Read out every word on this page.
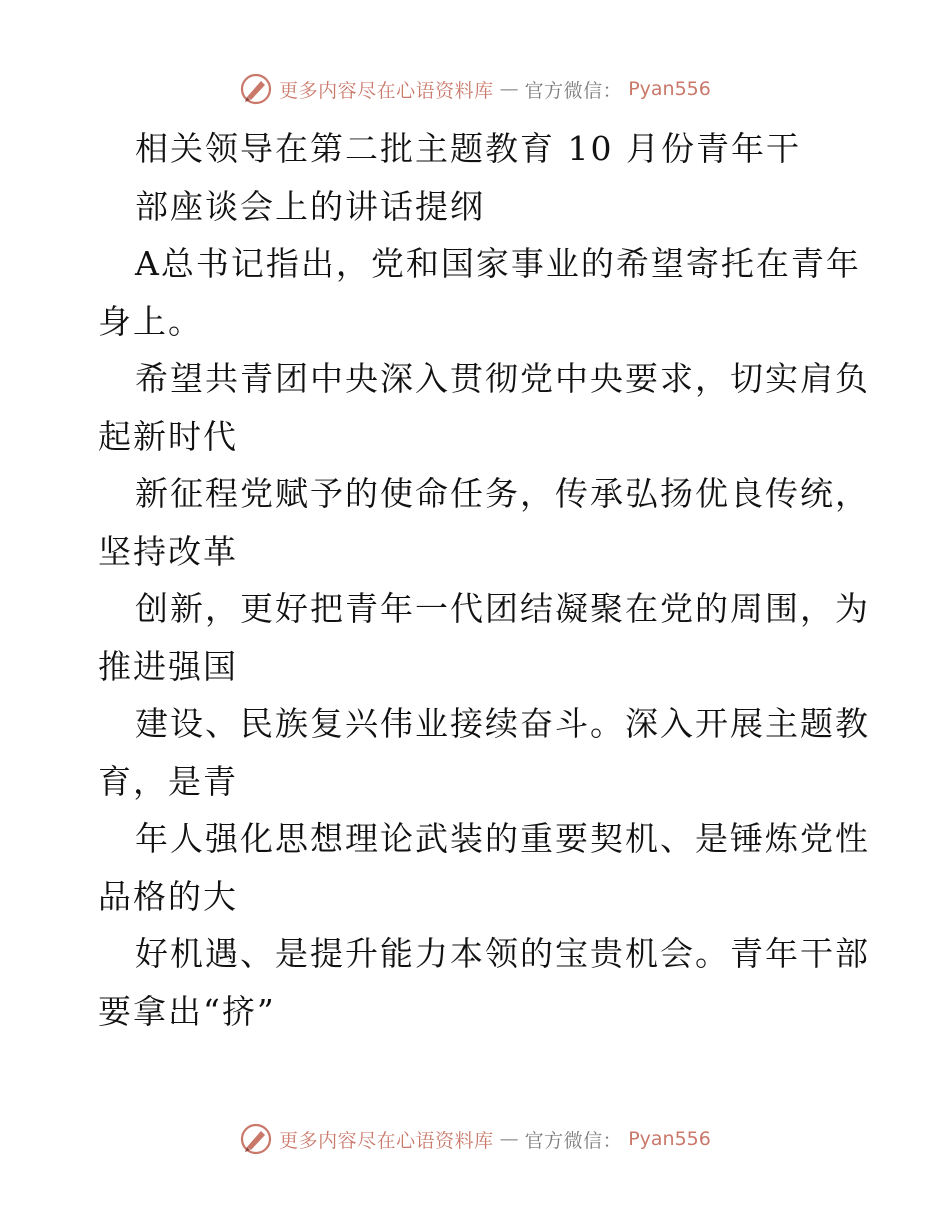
更多内容尽在心语资料库 — 官方微信： Pyan556
相关领导在第二批主题教育 10 月份青年干
部座谈会上的讲话提纲
A总书记指出，党和国家事业的希望寄托在青年
身上。
希望共青团中央深入贯彻党中央要求，切实肩负
起新时代
新征程党赋予的使命任务，传承弘扬优良传统，
坚持改革
创新，更好把青年一代团结凝聚在党的周围，为
推进强国
建设、民族复兴伟业接续奋斗。深入开展主题教
育，是青
年人强化思想理论武装的重要契机、是锤炼党性
品格的大
好机遇、是提升能力本领的宝贵机会。青年干部
要拿出“挤”
更多内容尽在心语资料库 — 官方微信： Pyan556
